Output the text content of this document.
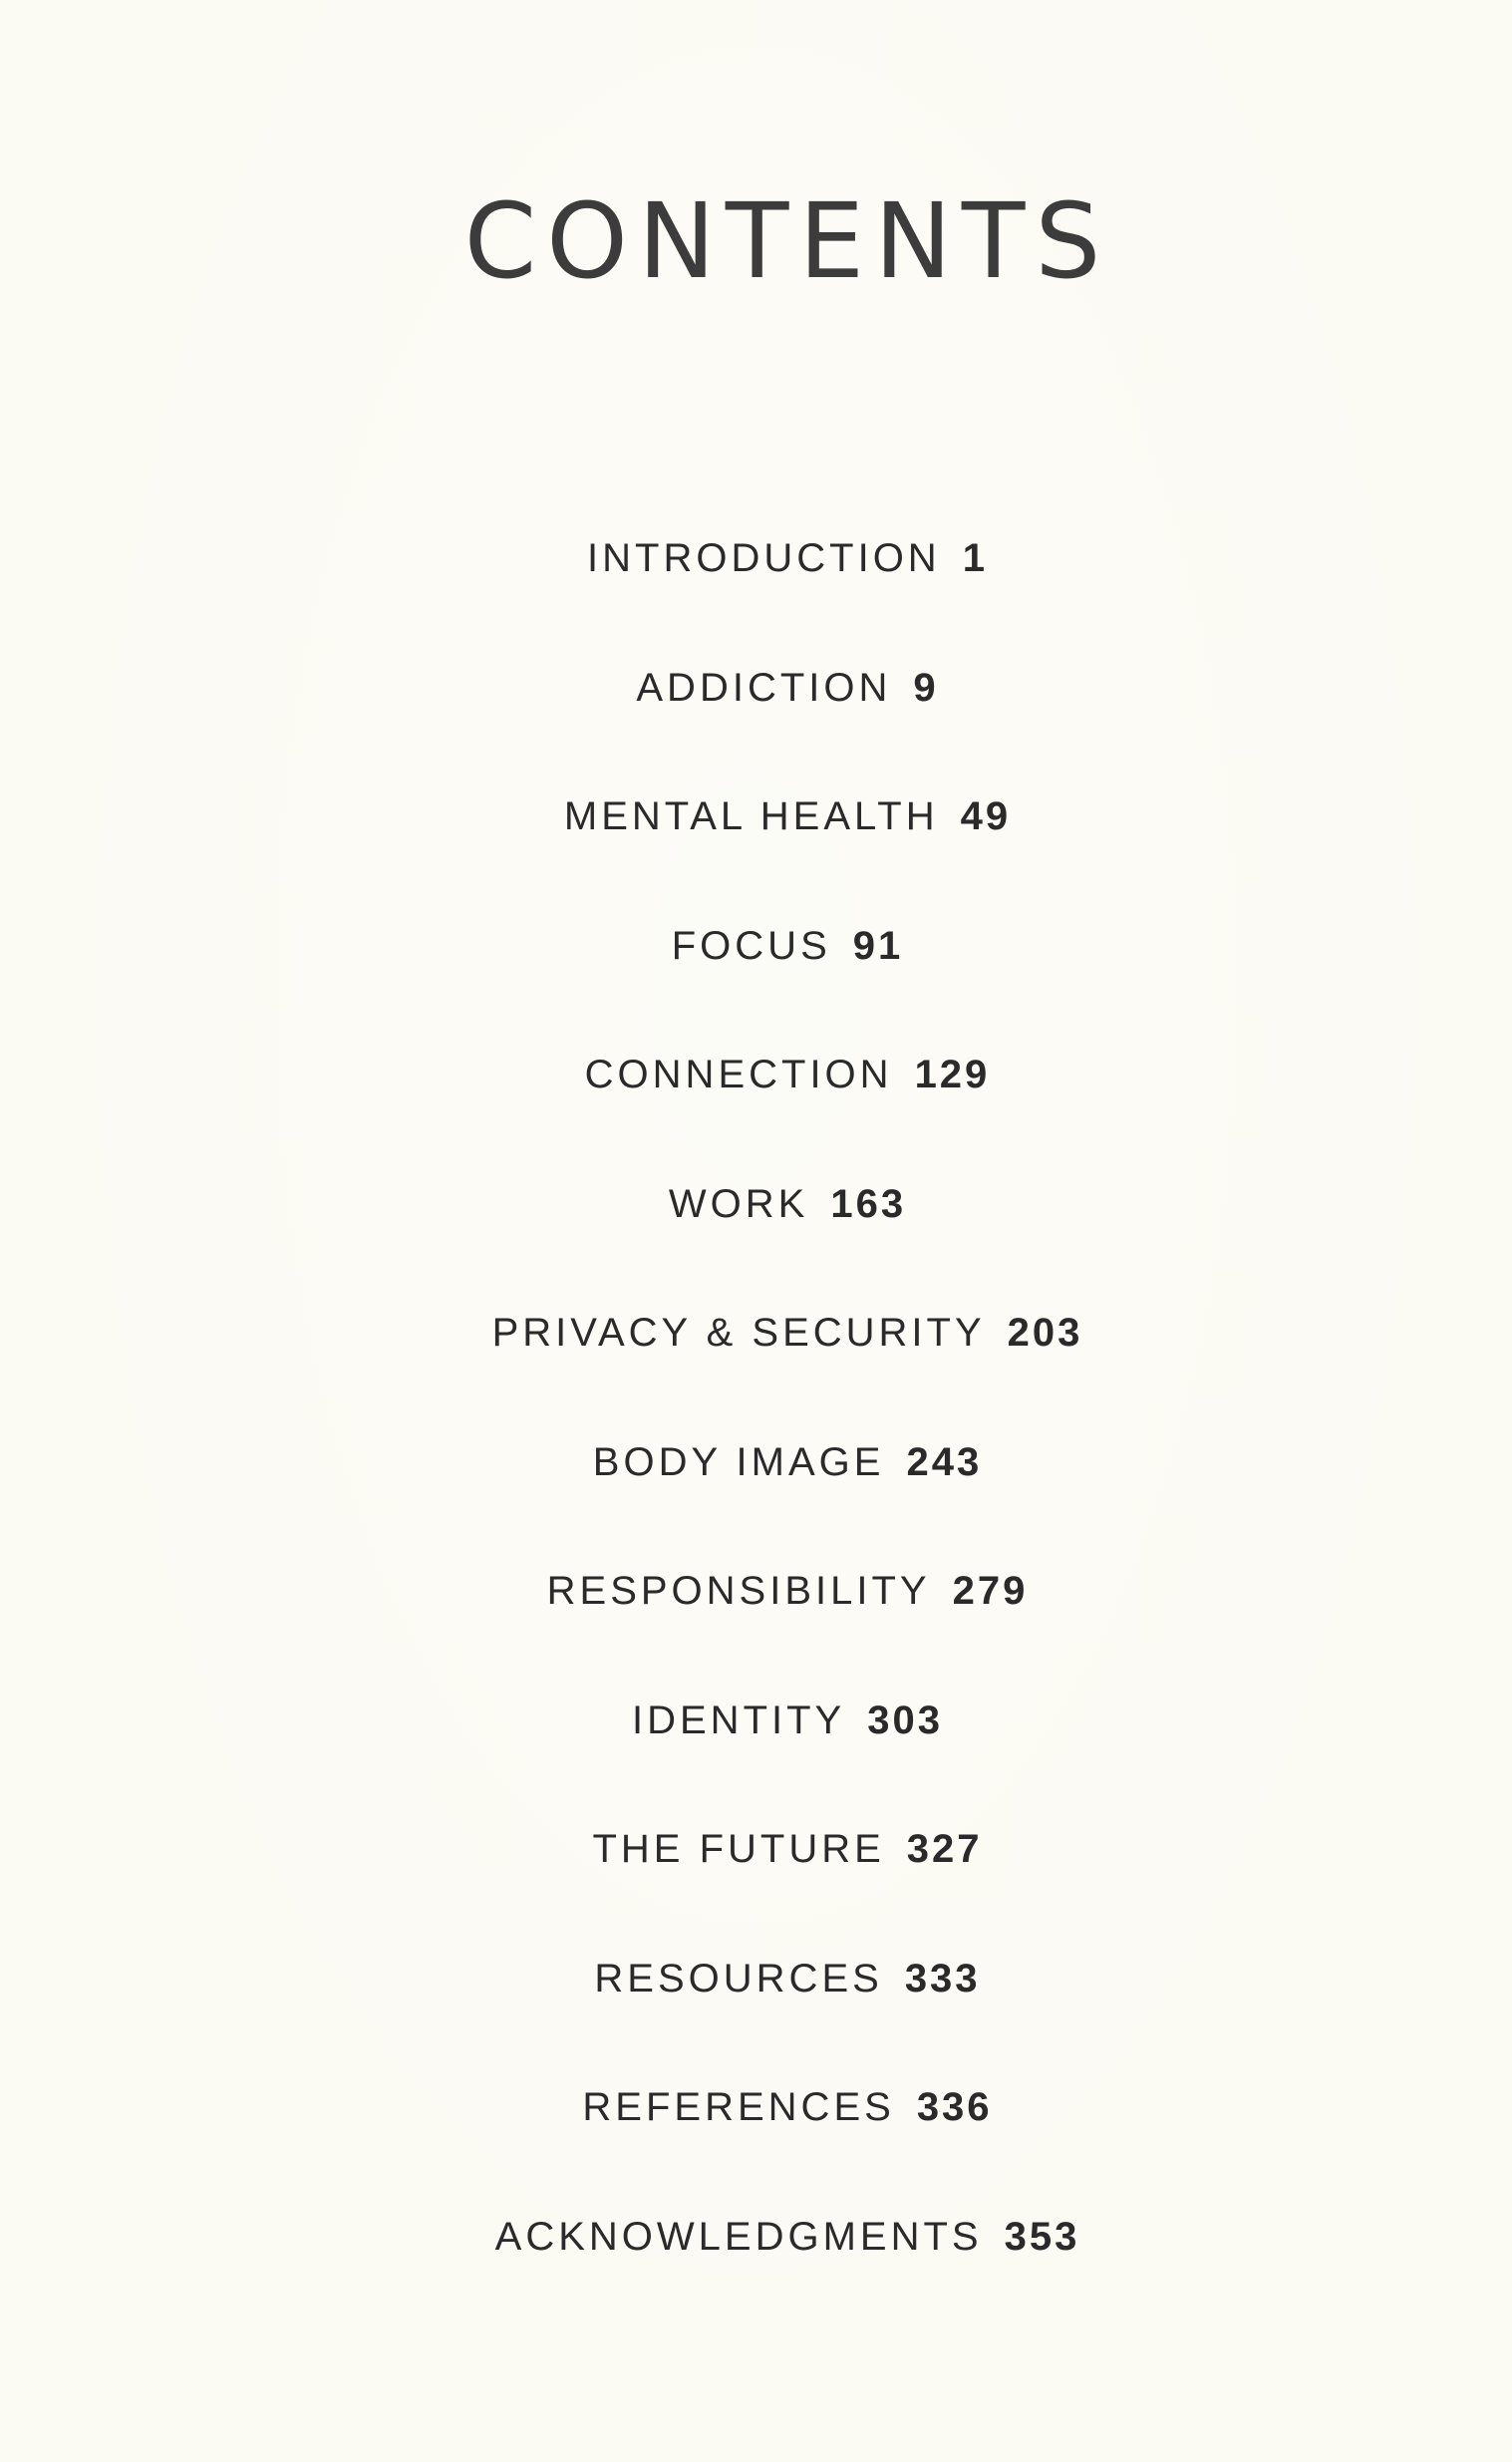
CONTENTS
INTRODUCTION 1
ADDICTION 9
MENTAL HEALTH 49
FOCUS 91
CONNECTION 129
WORK 163
PRIVACY & SECURITY 203
BODY IMAGE 243
RESPONSIBILITY 279
IDENTITY 303
THE FUTURE 327
RESOURCES 333
REFERENCES 336
ACKNOWLEDGMENTS 353
